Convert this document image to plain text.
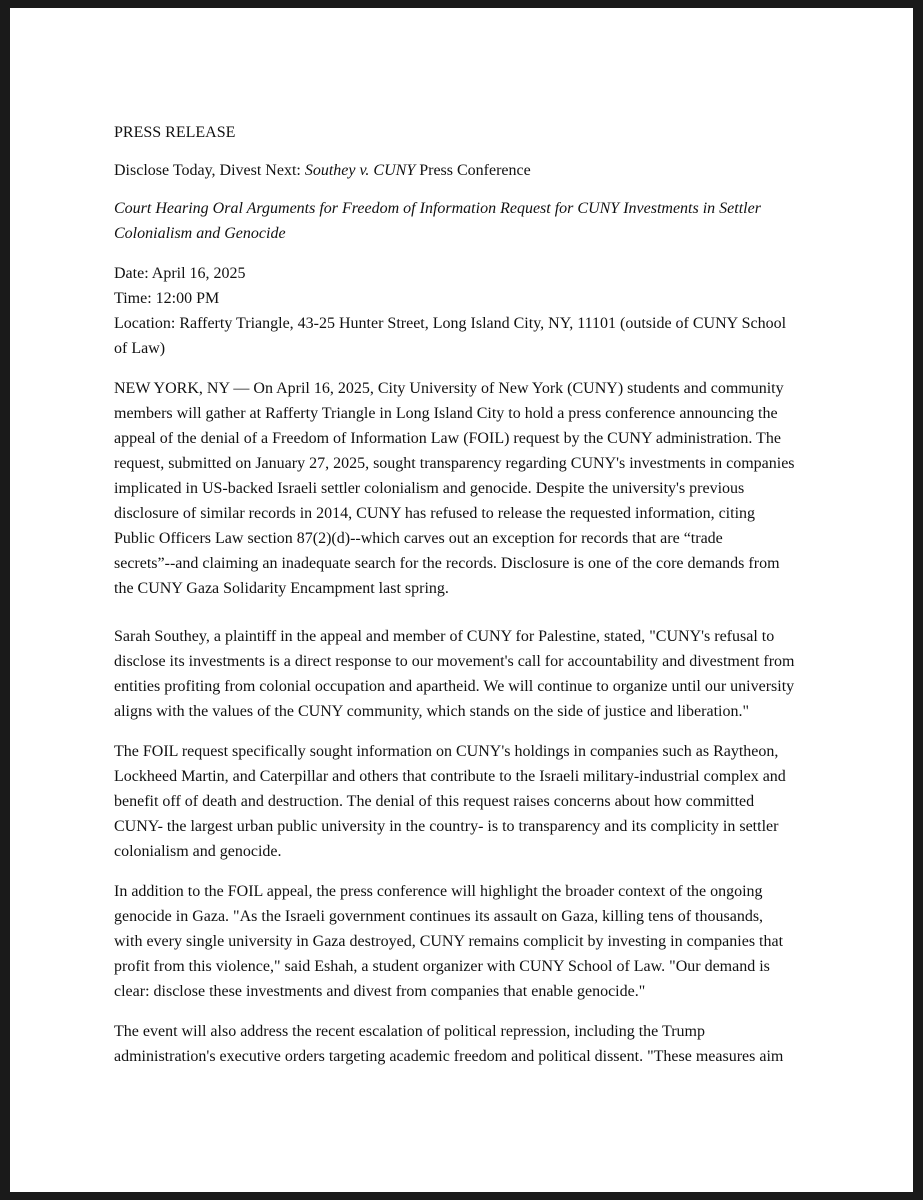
PRESS RELEASE
Disclose Today, Divest Next: Southey v. CUNY Press Conference
Court Hearing Oral Arguments for Freedom of Information Request for CUNY Investments in Settler
Colonialism and Genocide
Date: April 16, 2025
Time: 12:00 PM
Location: Rafferty Triangle, 43-25 Hunter Street, Long Island City, NY, 11101 (outside of CUNY School
of Law)
NEW YORK, NY — On April 16, 2025, City University of New York (CUNY) students and community
members will gather at Rafferty Triangle in Long Island City to hold a press conference announcing the
appeal of the denial of a Freedom of Information Law (FOIL) request by the CUNY administration. The
request, submitted on January 27, 2025, sought transparency regarding CUNY's investments in companies
implicated in US-backed Israeli settler colonialism and genocide. Despite the university's previous
disclosure of similar records in 2014, CUNY has refused to release the requested information, citing
Public Officers Law section 87(2)(d)--which carves out an exception for records that are “trade
secrets”--and claiming an inadequate search for the records. Disclosure is one of the core demands from
the CUNY Gaza Solidarity Encampment last spring.
Sarah Southey, a plaintiff in the appeal and member of CUNY for Palestine, stated, "CUNY's refusal to
disclose its investments is a direct response to our movement's call for accountability and divestment from
entities profiting from colonial occupation and apartheid. We will continue to organize until our university
aligns with the values of the CUNY community, which stands on the side of justice and liberation."
The FOIL request specifically sought information on CUNY's holdings in companies such as Raytheon,
Lockheed Martin, and Caterpillar and others that contribute to the Israeli military-industrial complex and
benefit off of death and destruction. The denial of this request raises concerns about how committed
CUNY- the largest urban public university in the country- is to transparency and its complicity in settler
colonialism and genocide.
In addition to the FOIL appeal, the press conference will highlight the broader context of the ongoing
genocide in Gaza. "As the Israeli government continues its assault on Gaza, killing tens of thousands,
with every single university in Gaza destroyed, CUNY remains complicit by investing in companies that
profit from this violence," said Eshah, a student organizer with CUNY School of Law. "Our demand is
clear: disclose these investments and divest from companies that enable genocide."
The event will also address the recent escalation of political repression, including the Trump
administration's executive orders targeting academic freedom and political dissent. "These measures aim
